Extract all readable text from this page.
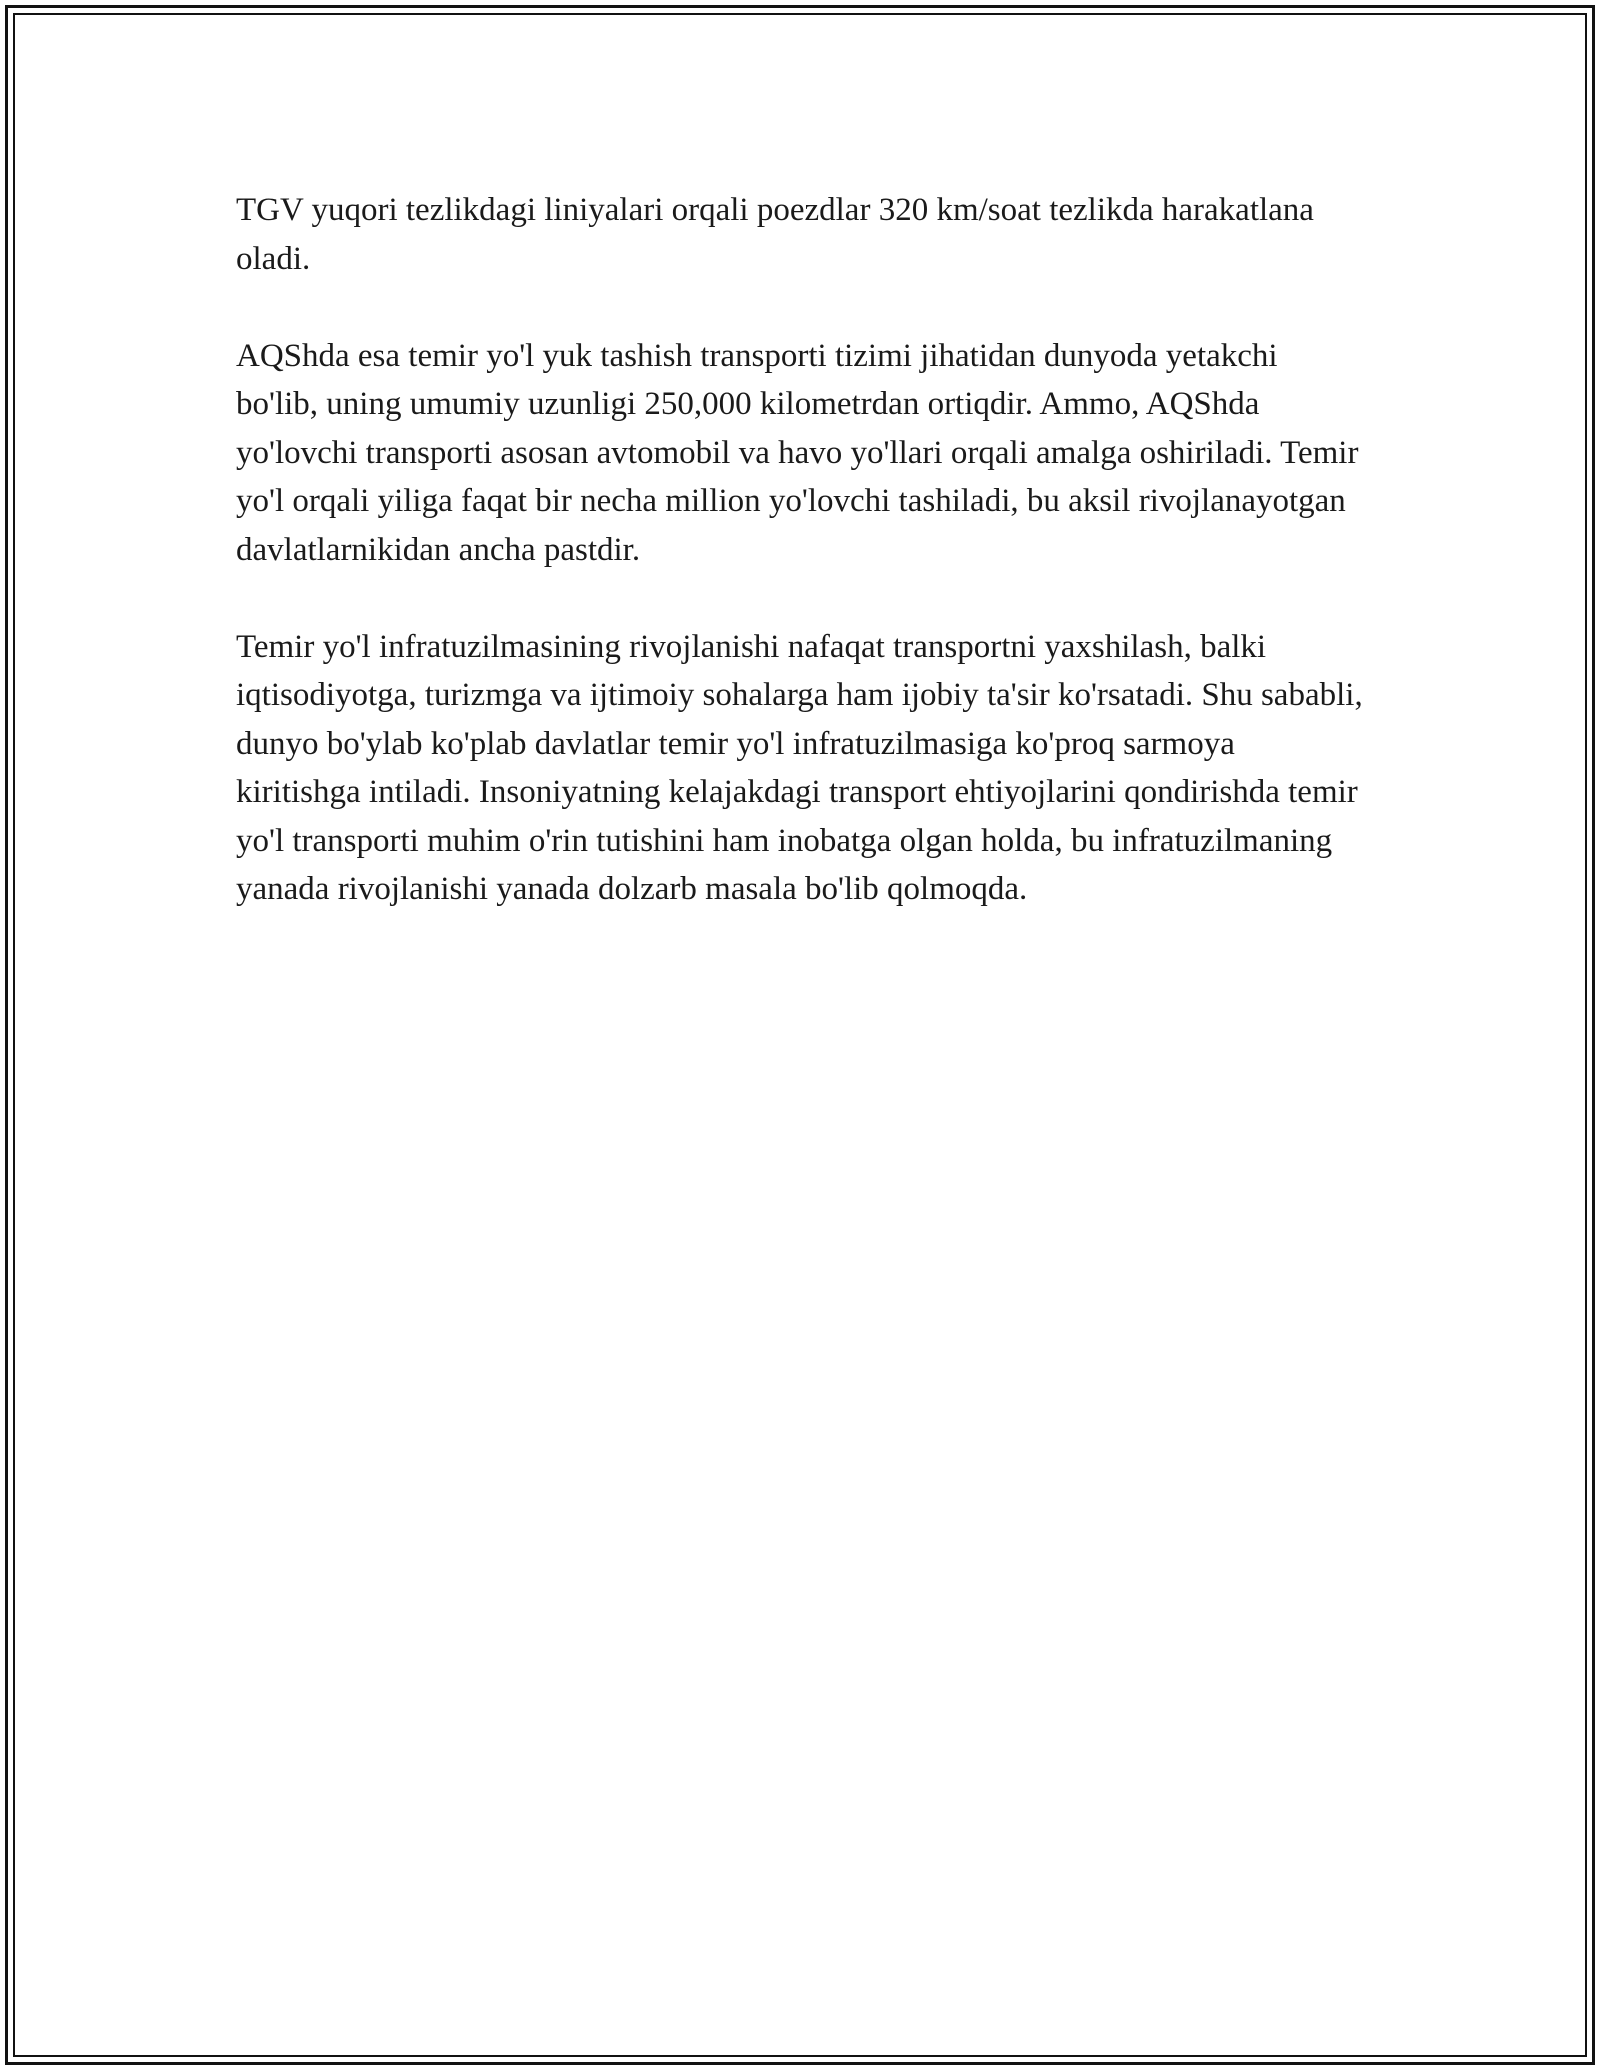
TGV yuqori tezlikdagi liniyalari orqali poezdlar 320 km/soat tezlikda harakatlana oladi.

AQShda esa temir yo'l yuk tashish transporti tizimi jihatidan dunyoda yetakchi bo'lib, uning umumiy uzunligi 250,000 kilometrdan ortiqdir. Ammo, AQShda yo'lovchi transporti asosan avtomobil va havo yo'llari orqali amalga oshiriladi. Temir yo'l orqali yiliga faqat bir necha million yo'lovchi tashiladi, bu aksil rivojlanayotgan davlatlarnikidan ancha pastdir.

Temir yo'l infratuzilmasining rivojlanishi nafaqat transportni yaxshilash, balki iqtisodiyotga, turizmga va ijtimoiy sohalarga ham ijobiy ta'sir ko'rsatadi. Shu sababli, dunyo bo'ylab ko'plab davlatlar temir yo'l infratuzilmasiga ko'proq sarmoya kiritishga intiladi. Insoniyatning kelajakdagi transport ehtiyojlarini qondirishda temir yo'l transporti muhim o'rin tutishini ham inobatga olgan holda, bu infratuzilmaning yanada rivojlanishi yanada dolzarb masala bo'lib qolmoqda.
